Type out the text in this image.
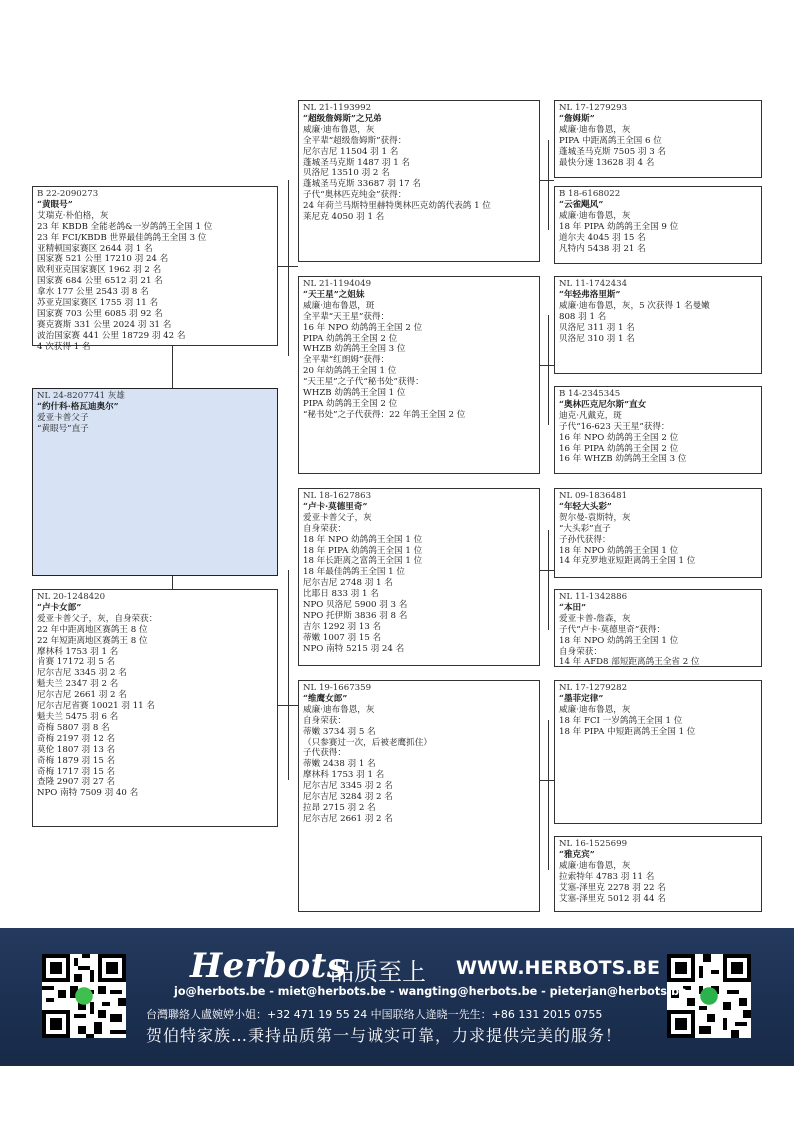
B 22-2090273
“黄眼号”
艾瑞克·朴伯格，灰
23 年 KBDB 全能老鸽&一岁鸽鸽王全国 1 位
23 年 FCI/KBDB 世界最佳鸽鸽王全国 3 位
亚精顿国家赛区 2644 羽 1 名
国家赛 521 公里 17210 羽 24 名
欧利亚克国家赛区 1962 羽 2 名
国家赛 684 公里 6512 羽 21 名
拿水 177 公里 2543 羽 8 名
苏亚克国家赛区 1755 羽 11 名
国家赛 703 公里 6085 羽 92 名
赛克赛斯 331 公里 2024 羽 31 名
波治国家赛 441 公里 18729 羽 42 名
4 次获得 1 名
NL 24-8207741 灰雄
“约什科·格瓦迪奥尔”
爱亚卡普父子
“黄眼号”直子
NL 20-1248420
“卢卡女郎”
爱亚卡普父子，灰，自身荣获：
22 年中距离地区赛鸽王 8 位
22 年短距离地区赛鸽王 8 位
摩林科 1753 羽 1 名
肯赛 17172 羽 5 名
尼尔吉尼 3345 羽 2 名
魁夫兰 2347 羽 2 名
尼尔吉尼 2661 羽 2 名
尼尔吉尼省赛 10021 羽 11 名
魁夫兰 5475 羽 6 名
奇梅 5807 羽 8 名
奇梅 2197 羽 12 名
莫伦 1807 羽 13 名
奇梅 1879 羽 15 名
奇梅 1717 羽 15 名
查隆 2907 羽 27 名
NPO 南特 7509 羽 40 名
NL 21-1193992
“超级詹姆斯”之兄弟
威廉·迪布鲁恩，灰
全平辈“超级詹姆斯”获得：
尼尔吉尼 11504 羽 1 名
蓬城圣马克斯 1487 羽 1 名
贝洛尼 13510 羽 2 名
蓬城圣马克斯 33687 羽 17 名
子代“奥林匹克纯金”获得：
24 年荷兰马斯特里赫特奥林匹克幼鸽代表鸽 1 位
莱尼克 4050 羽 1 名
NL 21-1194049
“天王星”之姐妹
威廉·迪布鲁恩，斑
全平辈“天王星”获得：
16 年 NPO 幼鸽鸽王全国 2 位
PIPA 幼鸽鸽王全国 2 位
WHZB 幼鸽鸽王全国 3 位
全平辈“红朗姆”获得：
20 年幼鸽鸽王全国 1 位
“天王星”之子代“秘书处”获得：
WHZB 幼鸽鸽王全国 1 位
PIPA 幼鸽鸽王全国 2 位
“秘书处”之子代获得：22 年鸽王全国 2 位
NL 18-1627863
“卢卡·莫德里奇”
爱亚卡普父子，灰
自身荣获：
18 年 NPO 幼鸽鸽王全国 1 位
18 年 PIPA 幼鸽鸽王全国 1 位
18 年长距离之富鸽王全国 1 位
18 年最佳鸽鸽王全国 1 位
尼尔吉尼 2748 羽 1 名
比耶日 833 羽 1 名
NPO 贝洛尼 5900 羽 3 名
NPO 托伊斯 3836 羽 8 名
吉尔 1292 羽 13 名
蒂嫩 1007 羽 15 名
NPO 南特 5215 羽 24 名
NL 19-1667359
“维鹰女郎”
威廉·迪布鲁恩，灰
自身荣获：
蒂嫩 3734 羽 5 名
（只参赛过一次，后被老鹰抓住）
子代获得：
蒂嫩 2438 羽 1 名
摩林科 1753 羽 1 名
尼尔吉尼 3345 羽 2 名
尼尔吉尼 3284 羽 2 名
拉昂 2715 羽 2 名
尼尔吉尼 2661 羽 2 名
NL 17-1279293
“詹姆斯”
威廉·迪布鲁恩，灰
PIPA 中距离鸽王全国 6 位
蓬城圣马克斯 7505 羽 3 名
最快分速 13628 羽 4 名
B 18-6168022
“云雀飓风”
威廉·迪布鲁恩，灰
18 年 PIPA 幼鸽鸽王全国 9 位
道尔夫 4045 羽 15 名
凡特内 5438 羽 21 名
NL 11-1742434
“年轻弗洛里斯”
威廉·迪布鲁恩，灰，5 次获得 1 名曼嫩
808 羽 1 名
贝洛尼 311 羽 1 名
贝洛尼 310 羽 1 名
B 14-2345345
“奥林匹克尼尔斯”直女
迪克·凡戴克，斑
子代“16-623 天王星”获得：
16 年 NPO 幼鸽鸽王全国 2 位
16 年 PIPA 幼鸽鸽王全国 2 位
16 年 WHZB 幼鸽鸽王全国 3 位
NL 09-1836481
“年轻大头彩”
贺尔曼-袁斯特，灰
“大头彩”直子
子孙代获得：
18 年 NPO 幼鸽鸽王全国 1 位
14 年克罗地亚短距离鸽王全国 1 位
NL 11-1342886
“本田”
爱亚卡普-詹森，灰
子代“卢卡·莫德里奇”获得：
18 年 NPO 幼鸽鸽王全国 1 位
自身荣获：
14 年 AFD8 部短距离鸽王全省 2 位
NL 17-1279282
“墨菲定律”
威廉·迪布鲁恩，灰
18 年 FCI 一岁鸽鸽王全国 1 位
18 年 PIPA 中短距离鸽王全国 1 位
NL 16-1525699
“雅克宾”
威廉·迪布鲁恩，灰
拉索特年 4783 羽 11 名
艾塞-泽里克 2278 羽 22 名
艾塞-泽里克 5012 羽 44 名
Herbots
品质至上 WWW.HERBOTS.BE
jo@herbots.be - miet@herbots.be - wangting@herbots.be - pieterjan@herbots.be
台灣聯絡人盧婉婷小姐：+32 471 19 55 24 中国联络人逄晓一先生：+86 131 2015 0755
贺伯特家族…秉持品质第一与诚实可靠，力求提供完美的服务！
